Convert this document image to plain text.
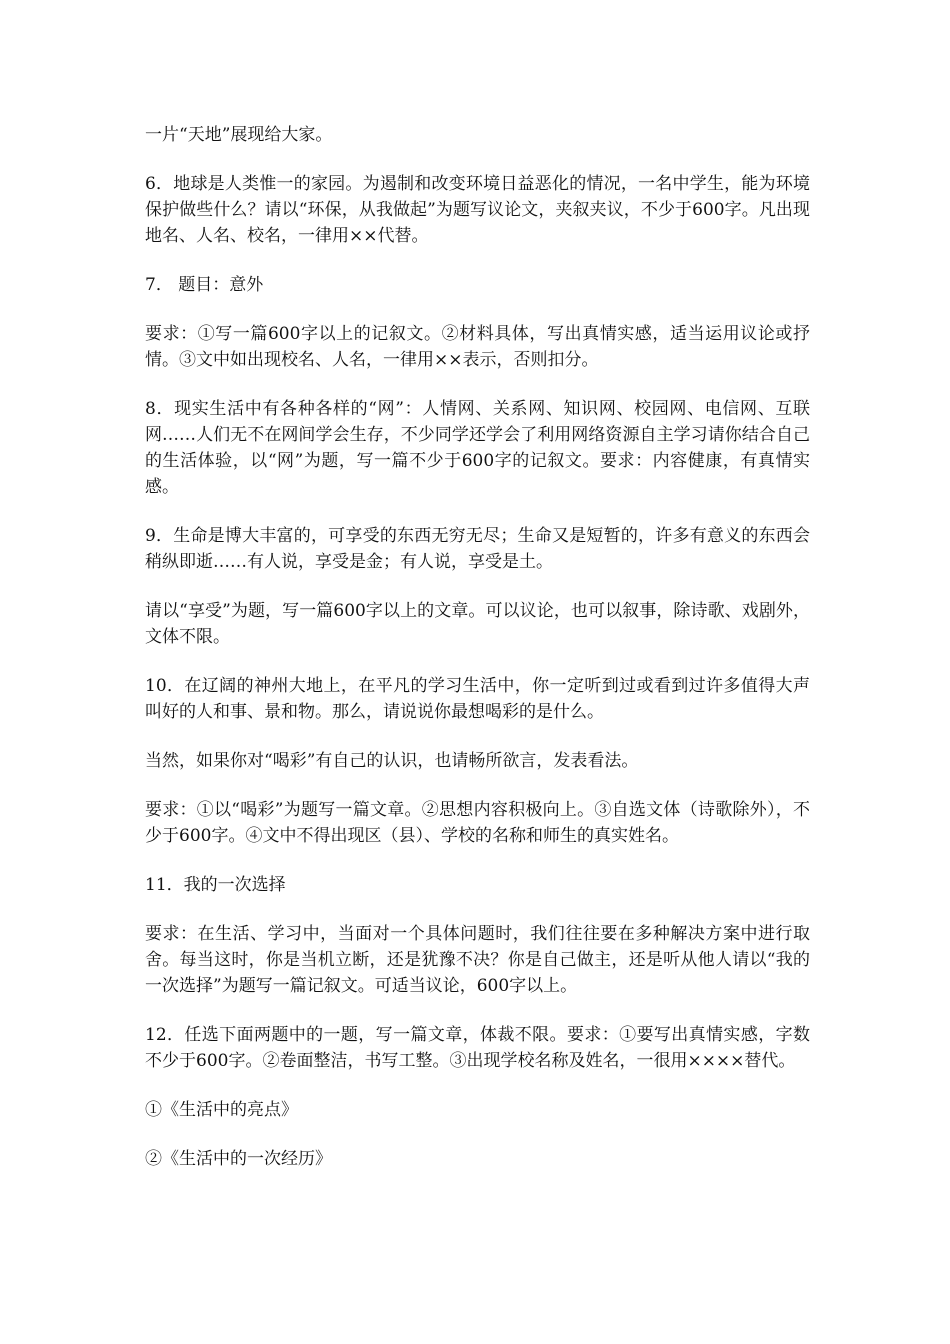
一片“天地”展现给大家。

6．地球是人类惟一的家园。为遏制和改变环境日益恶化的情况，一名中学生，能为环境保护做些什么？请以“环保，从我做起”为题写议论文，夹叙夹议，不少于600字。凡出现地名、人名、校名，一律用××代替。

7． 题目：意外

要求：①写一篇600字以上的记叙文。②材料具体，写出真情实感，适当运用议论或抒情。③文中如出现校名、人名，一律用××表示，否则扣分。

8．现实生活中有各种各样的“网”：人情网、关系网、知识网、校园网、电信网、互联网……人们无不在网间学会生存，不少同学还学会了利用网络资源自主学习请你结合自己的生活体验，以“网”为题，写一篇不少于600字的记叙文。要求：内容健康，有真情实感。

9．生命是博大丰富的，可享受的东西无穷无尽；生命又是短暂的，许多有意义的东西会稍纵即逝……有人说，享受是金；有人说，享受是土。

请以“享受”为题，写一篇600字以上的文章。可以议论，也可以叙事，除诗歌、戏剧外，文体不限。

10．在辽阔的神州大地上，在平凡的学习生活中，你一定听到过或看到过许多值得大声叫好的人和事、景和物。那么，请说说你最想喝彩的是什么。

当然，如果你对“喝彩”有自己的认识，也请畅所欲言，发表看法。

要求：①以“喝彩”为题写一篇文章。②思想内容积极向上。③自选文体（诗歌除外），不少于600字。④文中不得出现区（县）、学校的名称和师生的真实姓名。

11．我的一次选择

要求：在生活、学习中，当面对一个具体问题时，我们往往要在多种解决方案中进行取舍。每当这时，你是当机立断，还是犹豫不决？你是自己做主，还是听从他人请以“我的一次选择”为题写一篇记叙文。可适当议论，600字以上。

12．任选下面两题中的一题，写一篇文章，体裁不限。要求：①要写出真情实感，字数不少于600字。②卷面整洁，书写工整。③出现学校名称及姓名，一很用××××替代。

①《生活中的亮点》

②《生活中的一次经历》
